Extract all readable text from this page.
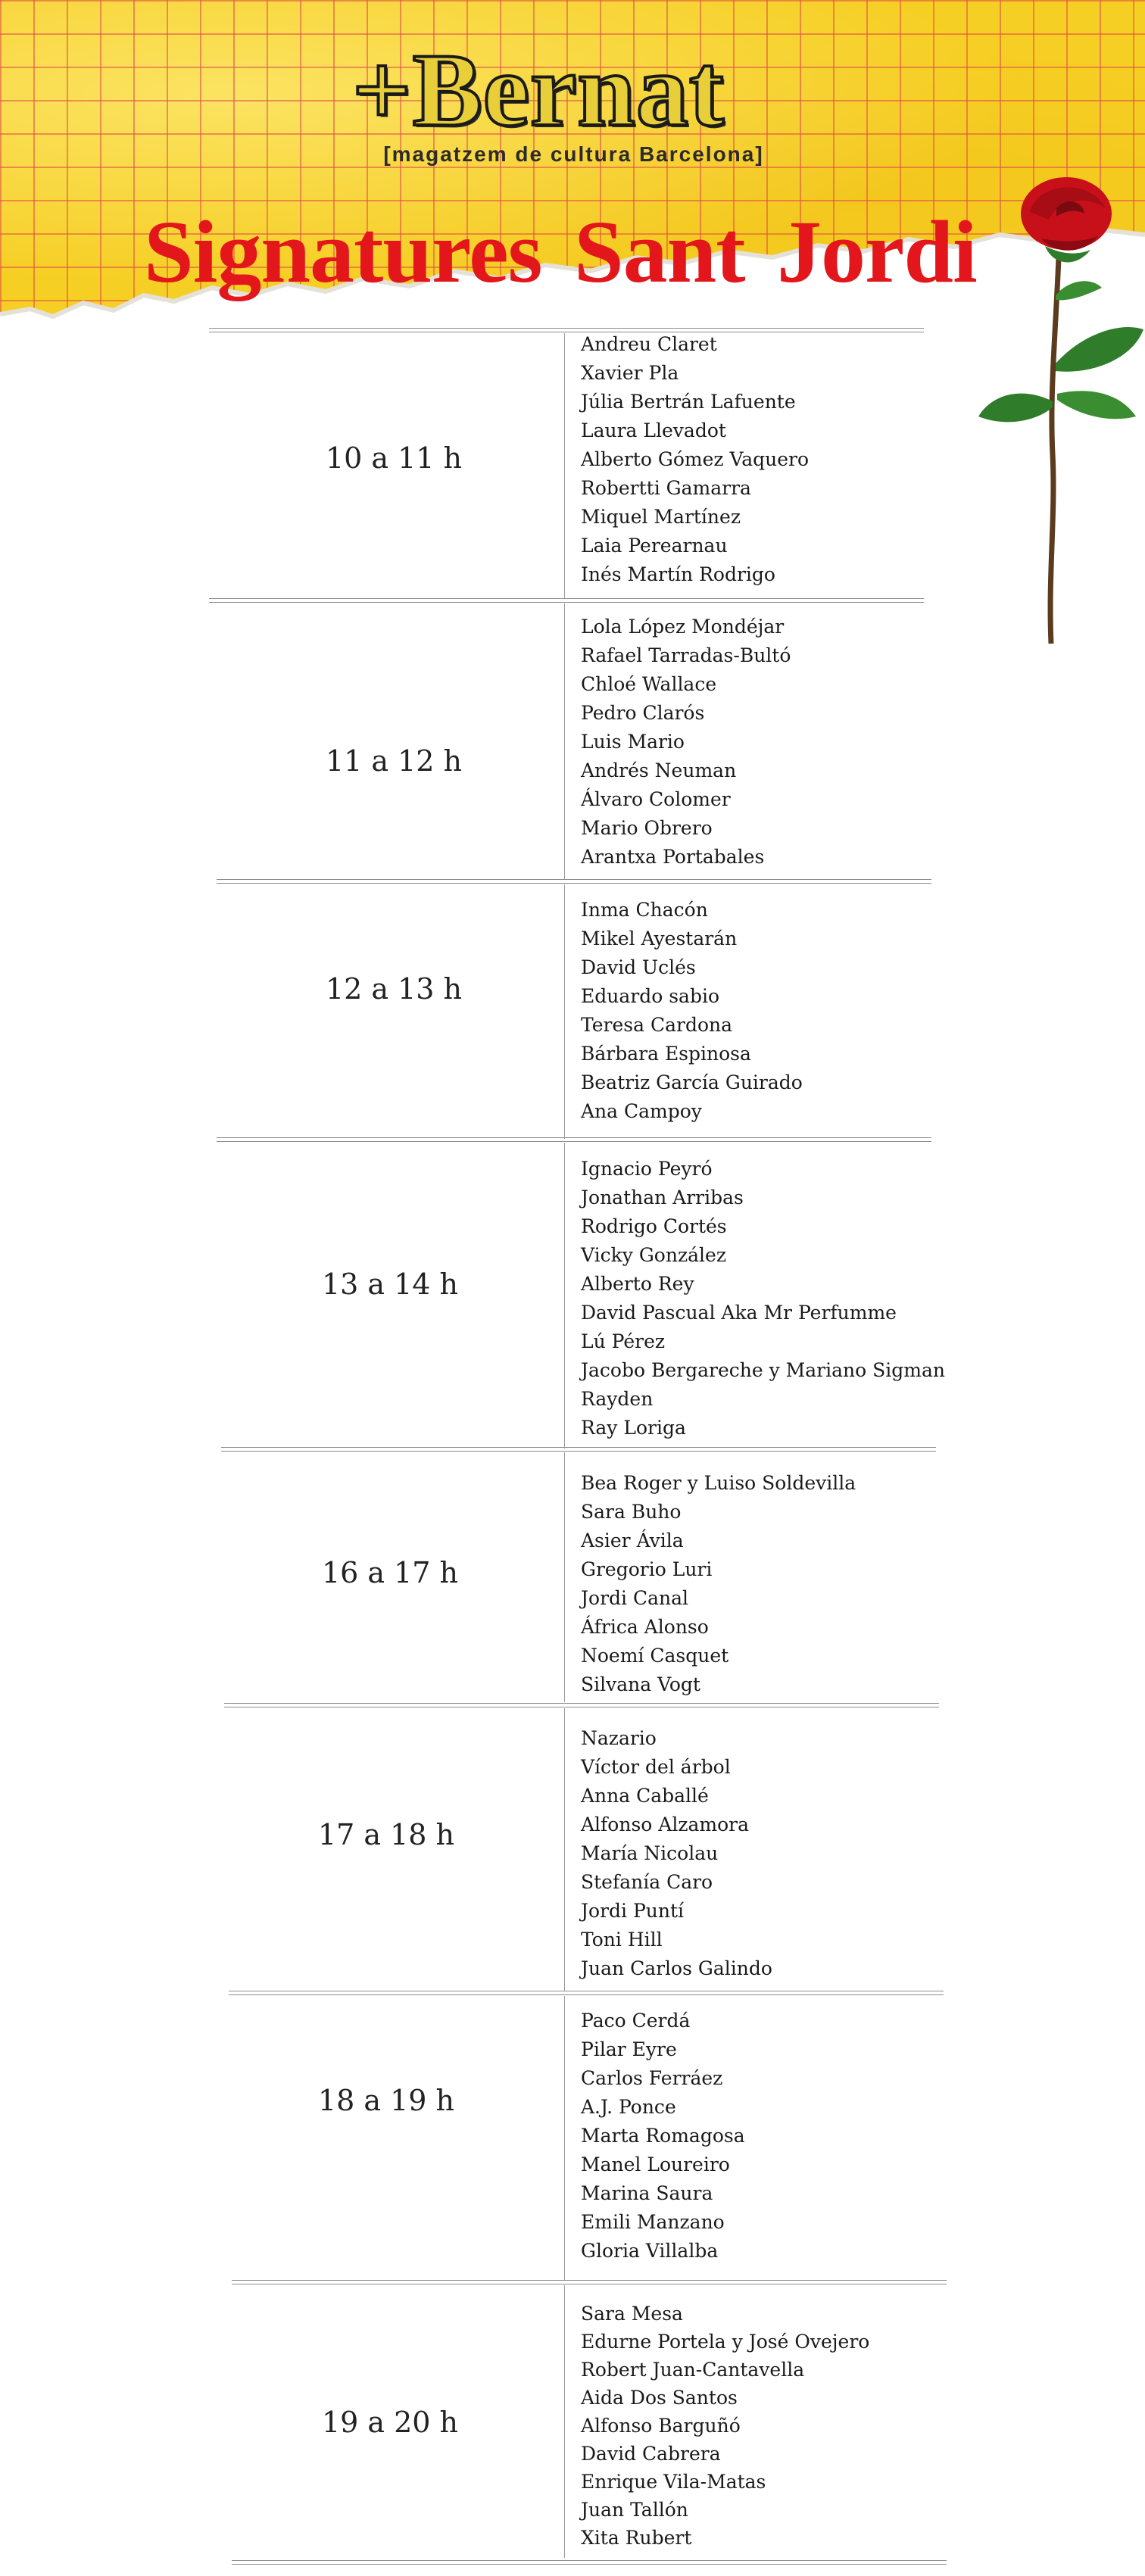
+Bernat
[magatzem de cultura Barcelona]
Signatures Sant Jordi
10 a 11 h
Andreu Claret
Xavier Pla
Júlia Bertrán Lafuente
Laura Llevadot
Alberto Gómez Vaquero
Robertti Gamarra
Miquel Martínez
Laia Perearnau
Inés Martín Rodrigo
11 a 12 h
Lola López Mondéjar
Rafael Tarradas-Bultó
Chloé Wallace
Pedro Clarós
Luis Mario
Andrés Neuman
Álvaro Colomer
Mario Obrero
Arantxa Portabales
12 a 13 h
Inma Chacón
Mikel Ayestarán
David Uclés
Eduardo sabio
Teresa Cardona
Bárbara Espinosa
Beatriz García Guirado
Ana Campoy
13 a 14 h
Ignacio Peyró
Jonathan Arribas
Rodrigo Cortés
Vicky González
Alberto Rey
David Pascual Aka Mr Perfumme
Lú Pérez
Jacobo Bergareche y Mariano Sigman
Rayden
Ray Loriga
16 a 17 h
Bea Roger y Luiso Soldevilla
Sara Buho
Asier Ávila
Gregorio Luri
Jordi Canal
África Alonso
Noemí Casquet
Silvana Vogt
17 a 18 h
Nazario
Víctor del árbol
Anna Caballé
Alfonso Alzamora
María Nicolau
Stefanía Caro
Jordi Puntí
Toni Hill
Juan Carlos Galindo
18 a 19 h
Paco Cerdá
Pilar Eyre
Carlos Ferráez
A.J. Ponce
Marta Romagosa
Manel Loureiro
Marina Saura
Emili Manzano
Gloria Villalba
19 a 20 h
Sara Mesa
Edurne Portela y José Ovejero
Robert Juan-Cantavella
Aida Dos Santos
Alfonso Barguñó
David Cabrera
Enrique Vila-Matas
Juan Tallón
Xita Rubert
